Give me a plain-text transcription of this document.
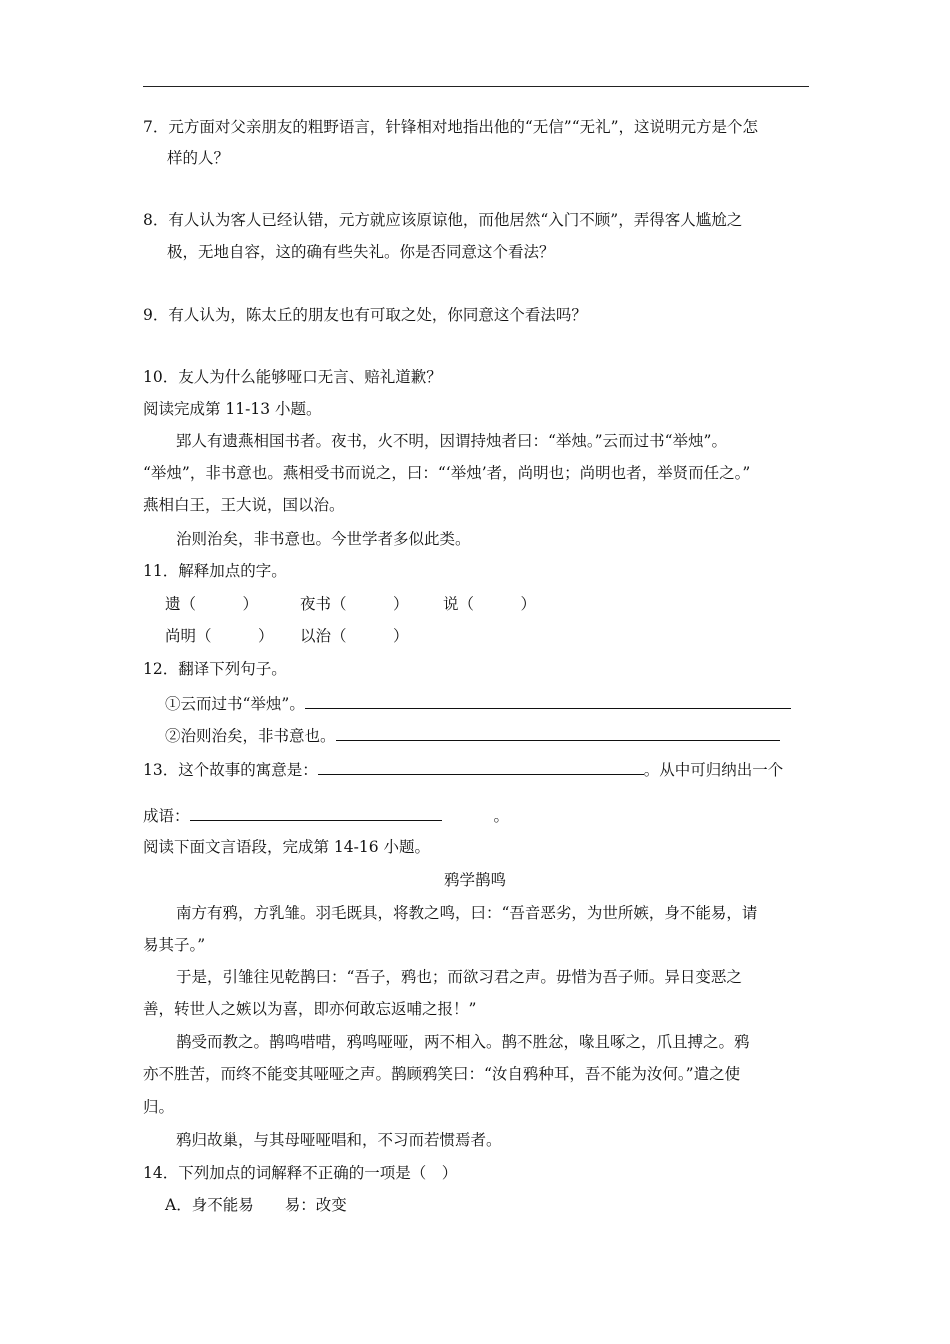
7．元方面对父亲朋友的粗野语言，针锋相对地指出他的“无信”“无礼”，这说明元方是个怎
样的人？
8．有人认为客人已经认错，元方就应该原谅他，而他居然“入门不顾”，弄得客人尴尬之
极，无地自容，这的确有些失礼。你是否同意这个看法？
9．有人认为，陈太丘的朋友也有可取之处，你同意这个看法吗？
10．友人为什么能够哑口无言、赔礼道歉？
阅读完成第 11-13 小题。
郢人有遗燕相国书者。夜书，火不明，因谓持烛者曰：“举烛。”云而过书“举烛”。
“举烛”，非书意也。燕相受书而说之，曰：“‘举烛’者，尚明也；尚明也者，举贤而任之。”
燕相白王，王大说，国以治。
治则治矣，非书意也。今世学者多似此类。
11．解释加点的字。
遗（　　　）	夜书（　　　） 说（　　　）
尚明（　　　） 以治（　　　）
12．翻译下列句子。
①云而过书“举烛”。
②治则治矣，非书意也。
13．这个故事的寓意是：	。从中可归纳出一个
成语：	。
阅读下面文言语段，完成第 14-16 小题。
鸦学鹊鸣
南方有鸦，方乳雏。羽毛既具，将教之鸣，曰：“吾音恶劣，为世所嫉，身不能易，请
易其子。”
于是，引雏往见乾鹊曰：“吾子，鸦也；而欲习君之声。毋惜为吾子师。异日变恶之
善，转世人之嫉以为喜，即亦何敢忘返哺之报！”
鹊受而教之。鹊鸣唶唶，鸦鸣哑哑，两不相入。鹊不胜忿，喙且啄之，爪且搏之。鸦
亦不胜苦，而终不能变其哑哑之声。鹊顾鸦笑曰：“汝自鸦种耳，吾不能为汝何。”遣之使
归。
鸦归故巢，与其母哑哑唱和，不习而若惯焉者。
14．下列加点的词解释不正确的一项是（　）
A．身不能易　　易：改变
